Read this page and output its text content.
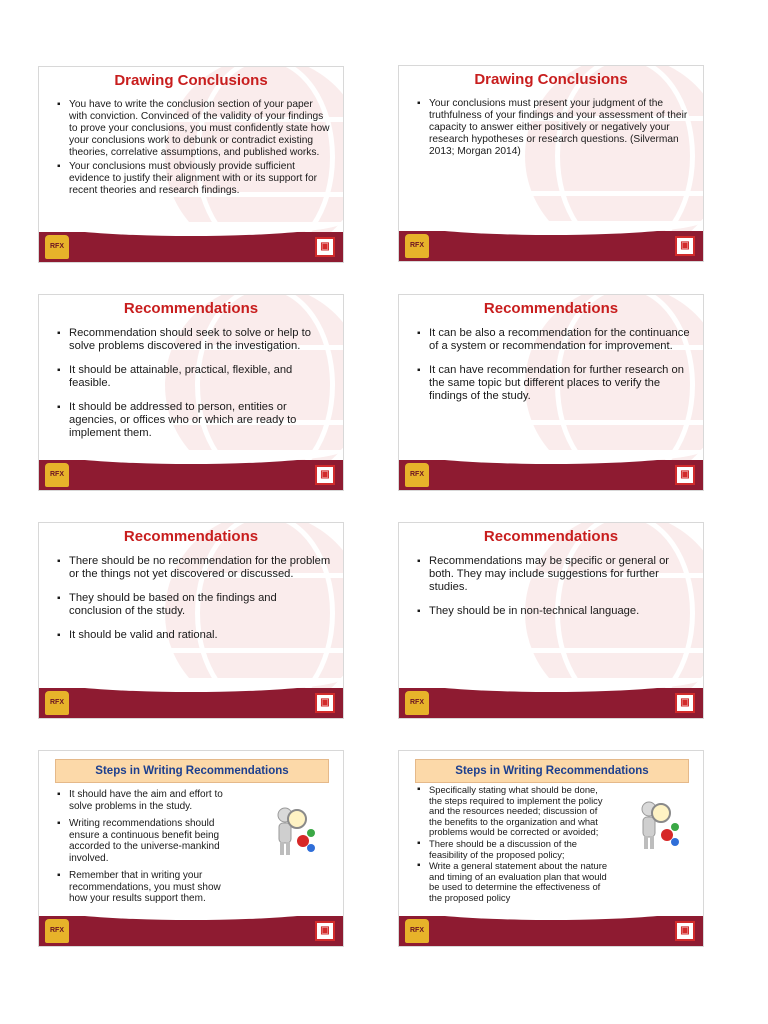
Drawing Conclusions
▪ You have to write the conclusion section of your paper with conviction. Convinced of the validity of your findings to prove your conclusions, you must confidently state how your conclusions work to debunk or contradict existing theories, correlative assumptions, and published works.
▪ Your conclusions must obviously provide sufficient evidence to justify their alignment with or its support for recent theories and research findings.
RFX	▣
Drawing Conclusions
▪ Your conclusions must present your judgment of the truthfulness of your findings and your assessment of their capacity to answer either positively or negatively your research hypotheses or research questions. (Silverman 2013; Morgan 2014)
RFX	▣
Recommendations
▪ Recommendation should seek to solve or help to solve problems discovered in the investigation.
▪ It should be attainable, practical, flexible, and feasible.
▪ It should be addressed to person, entities or agencies, or offices who or which are ready to implement them.
RFX	▣
Recommendations
▪ It can be also a recommendation for the continuance of a system or recommendation for improvement.
▪ It can have recommendation for further research on the same topic but different places to verify the findings of the study.
RFX	▣
Recommendations
▪ There should be no recommendation for the problem or the things not yet discovered or discussed.
▪ They should be based on the findings and conclusion of the study.
▪ It should be valid and rational.
RFX	▣
Recommendations
▪ Recommendations may be specific or general or both. They may include suggestions for further studies.
▪ They should be in non-technical language.
RFX	▣
Steps in Writing Recommendations
▪ It should have the aim and effort to solve problems in the study.
▪ Writing recommendations should ensure a continuous benefit being accorded to the universe-mankind involved.
▪ Remember that in writing your recommendations, you must show how your results support them.
RFX	▣
Steps in Writing Recommendations
▪ Specifically stating what should be done, the steps required to implement the policy and the resources needed; discussion of the benefits to the organization and what problems would be corrected or avoided;
▪ There should be a discussion of the feasibility of the proposed policy;
▪ Write a general statement about the nature and timing of an evaluation plan that would be used to determine the effectiveness of the proposed policy
RFX	▣
